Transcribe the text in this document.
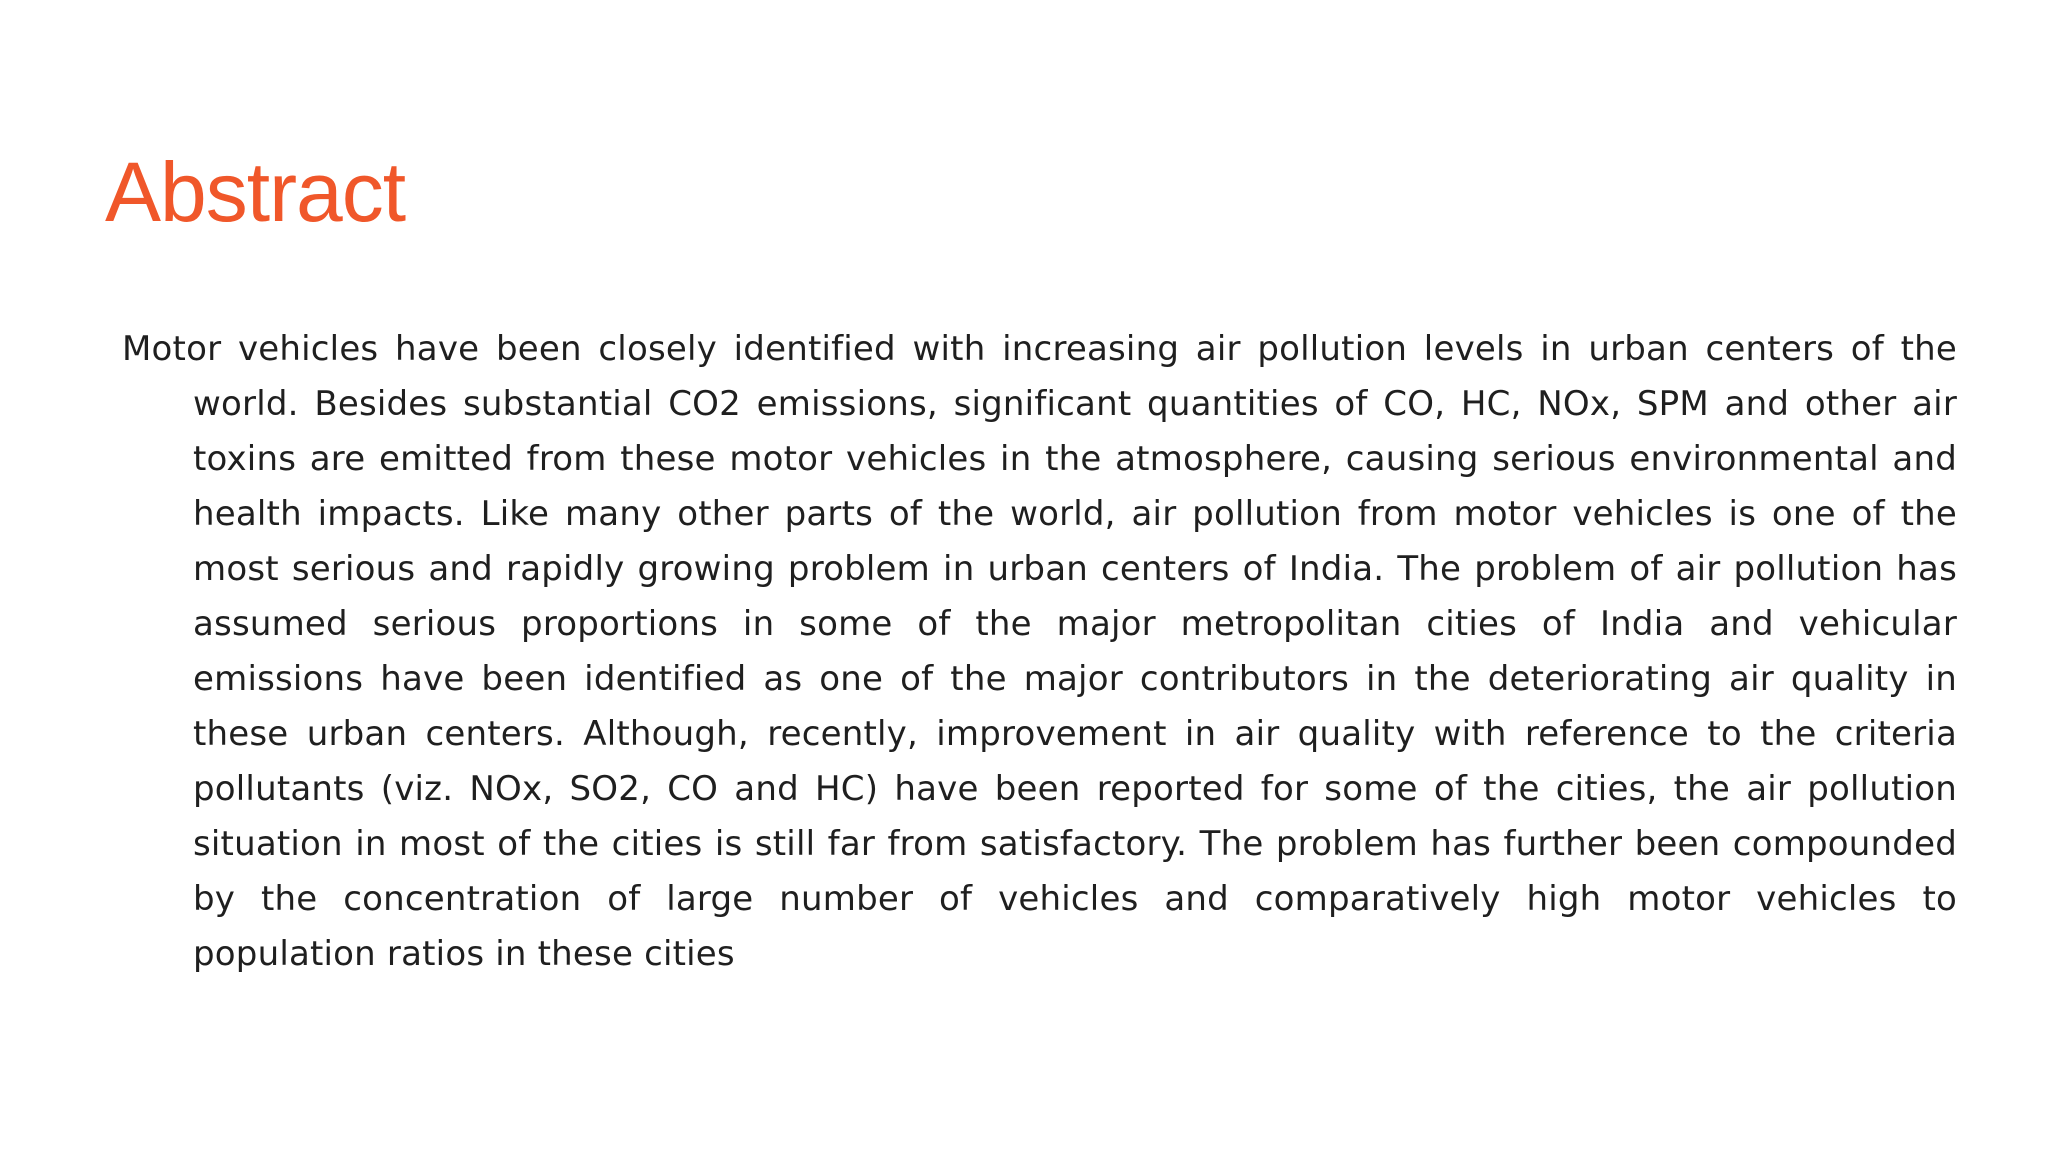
Abstract

Motor vehicles have been closely identified with increasing air pollution levels in urban centers of the world. Besides substantial CO2 emissions, significant quantities of CO, HC, NOx, SPM and other air toxins are emitted from these motor vehicles in the atmosphere, causing serious environmental and health impacts. Like many other parts of the world, air pollution from motor vehicles is one of the most serious and rapidly growing problem in urban centers of India. The problem of air pollution has assumed serious proportions in some of the major metropolitan cities of India and vehicular emissions have been identified as one of the major contributors in the deteriorating air quality in these urban centers. Although, recently, improvement in air quality with reference to the criteria pollutants (viz. NOx, SO2, CO and HC) have been reported for some of the cities, the air pollution situation in most of the cities is still far from satisfactory. The problem has further been compounded by the concentration of large number of vehicles and comparatively high motor vehicles to population ratios in these cities
